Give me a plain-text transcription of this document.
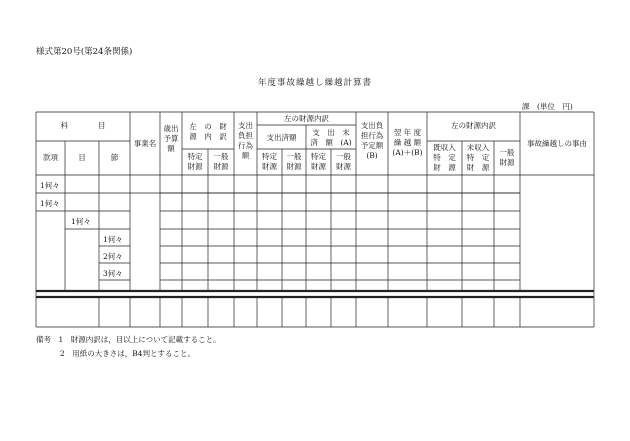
様式第20号(第24条関係)
年度事故繰越し繰越計算書
課　(単位　円)
科　　　　目
款項	目	節
事業名
歳出
予算
額
左　の　財
源　内　訳
特定
財源
一般
財源
支出
負担
行為
額
左の財源内訳
支出済額
支　出　未
済　額　(A)
特定
財源
一般
財源
特定
財源
一般
財源
支出負
担行為
予定額
(B)
翌 年 度
繰 越 額
(A)＋(B)
左の財源内訳
既収入
特　定
財　源
未収入
特　定
財　源
一般
財源
事故繰越しの事由
1何々
1何々
1何々
1何々
2何々
3何々
備考　1　財源内訳は，目以上について記載すること。
2　用紙の大きさは，B4判とすること。
